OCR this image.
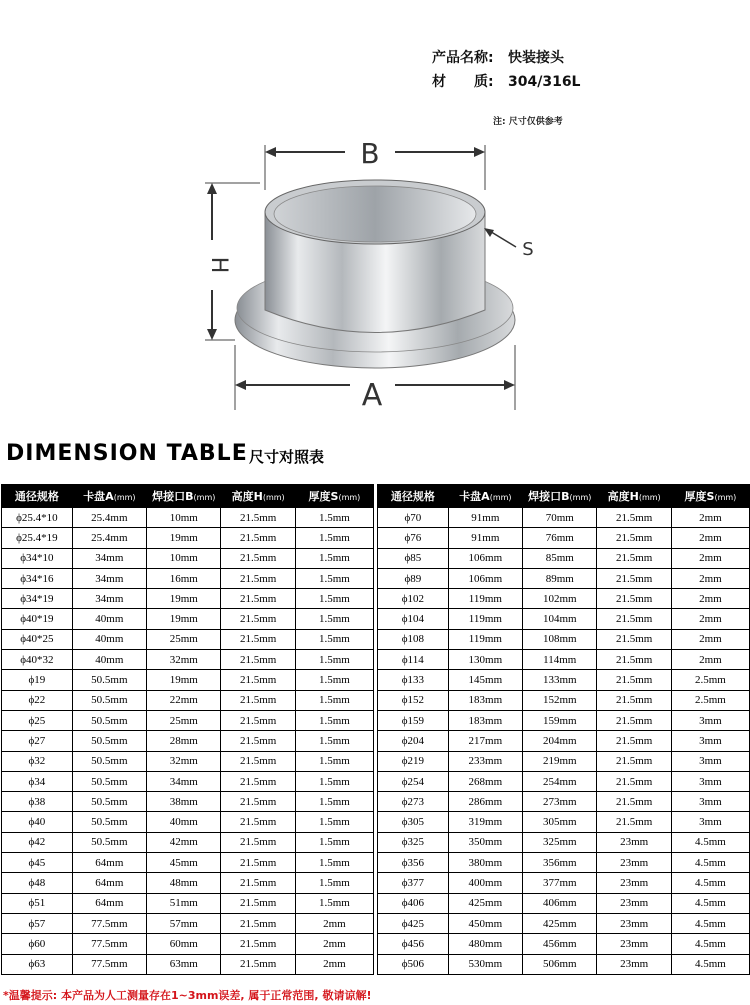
产品名称:	快装接头
材　　质:	304/316L
注: 尺寸仅供参考
B
H
S
A
DIMENSION TABLE 尺寸对照表
通径规格	卡盘A(mm)	焊接口B(mm)	高度H(mm)	厚度S(mm)
ϕ25.4*10	25.4mm	10mm	21.5mm	1.5mm
ϕ25.4*19	25.4mm	19mm	21.5mm	1.5mm
ϕ34*10	34mm	10mm	21.5mm	1.5mm
ϕ34*16	34mm	16mm	21.5mm	1.5mm
ϕ34*19	34mm	19mm	21.5mm	1.5mm
ϕ40*19	40mm	19mm	21.5mm	1.5mm
ϕ40*25	40mm	25mm	21.5mm	1.5mm
ϕ40*32	40mm	32mm	21.5mm	1.5mm
ϕ19	50.5mm	19mm	21.5mm	1.5mm
ϕ22	50.5mm	22mm	21.5mm	1.5mm
ϕ25	50.5mm	25mm	21.5mm	1.5mm
ϕ27	50.5mm	28mm	21.5mm	1.5mm
ϕ32	50.5mm	32mm	21.5mm	1.5mm
ϕ34	50.5mm	34mm	21.5mm	1.5mm
ϕ38	50.5mm	38mm	21.5mm	1.5mm
ϕ40	50.5mm	40mm	21.5mm	1.5mm
ϕ42	50.5mm	42mm	21.5mm	1.5mm
ϕ45	64mm	45mm	21.5mm	1.5mm
ϕ48	64mm	48mm	21.5mm	1.5mm
ϕ51	64mm	51mm	21.5mm	1.5mm
ϕ57	77.5mm	57mm	21.5mm	2mm
ϕ60	77.5mm	60mm	21.5mm	2mm
ϕ63	77.5mm	63mm	21.5mm	2mm
通径规格	卡盘A(mm)	焊接口B(mm)	高度H(mm)	厚度S(mm)
ϕ70	91mm	70mm	21.5mm	2mm
ϕ76	91mm	76mm	21.5mm	2mm
ϕ85	106mm	85mm	21.5mm	2mm
ϕ89	106mm	89mm	21.5mm	2mm
ϕ102	119mm	102mm	21.5mm	2mm
ϕ104	119mm	104mm	21.5mm	2mm
ϕ108	119mm	108mm	21.5mm	2mm
ϕ114	130mm	114mm	21.5mm	2mm
ϕ133	145mm	133mm	21.5mm	2.5mm
ϕ152	183mm	152mm	21.5mm	2.5mm
ϕ159	183mm	159mm	21.5mm	3mm
ϕ204	217mm	204mm	21.5mm	3mm
ϕ219	233mm	219mm	21.5mm	3mm
ϕ254	268mm	254mm	21.5mm	3mm
ϕ273	286mm	273mm	21.5mm	3mm
ϕ305	319mm	305mm	21.5mm	3mm
ϕ325	350mm	325mm	23mm	4.5mm
ϕ356	380mm	356mm	23mm	4.5mm
ϕ377	400mm	377mm	23mm	4.5mm
ϕ406	425mm	406mm	23mm	4.5mm
ϕ425	450mm	425mm	23mm	4.5mm
ϕ456	480mm	456mm	23mm	4.5mm
ϕ506	530mm	506mm	23mm	4.5mm
*温馨提示: 本产品为人工测量存在1~3mm误差, 属于正常范围, 敬请谅解!
